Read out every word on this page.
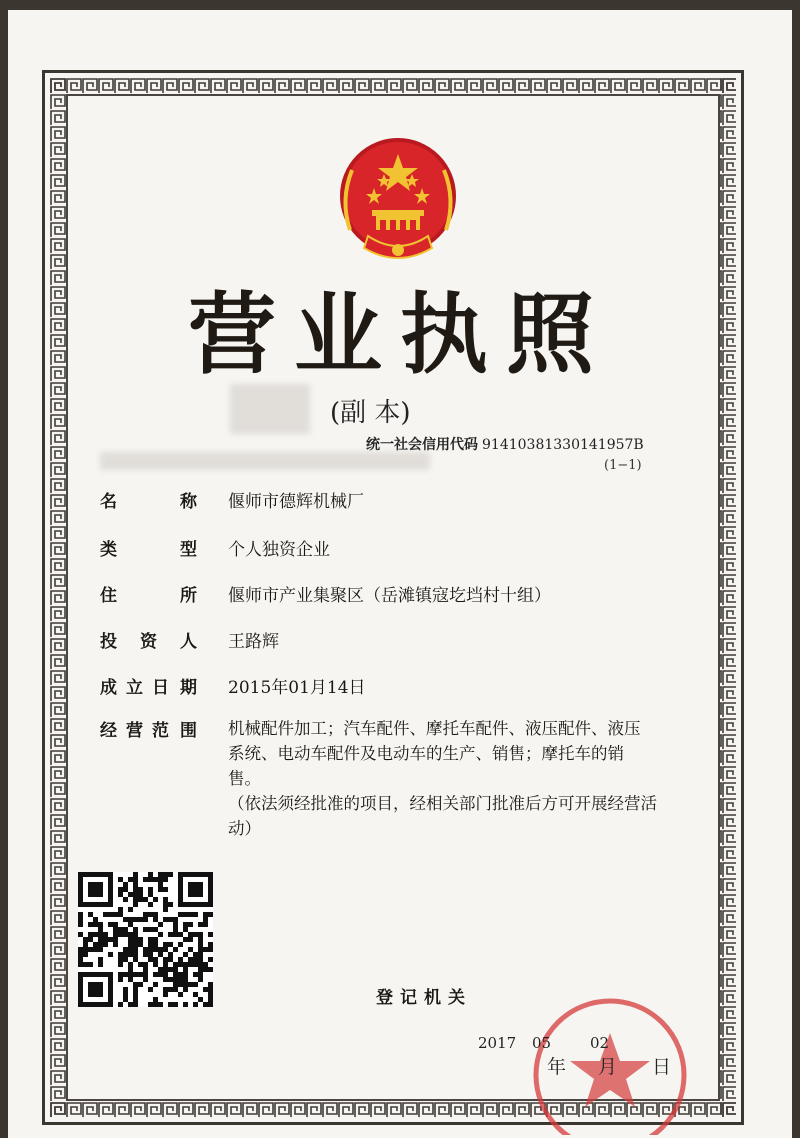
营业执照
(副 本)
统一社会信用代码 91410381330141957B
(1−1)
名	称	偃师市德辉机械厂
类	型	个人独资企业
住	所	偃师市产业集聚区（岳滩镇寇圪垱村十组）
投 资 人	王路辉
成 立 日 期	2015年01月14日
经 营 范 围	机械配件加工；汽车配件、摩托车配件、液压配件、液压系统、电动车配件及电动车的生产、销售；摩托车的销售。
（依法须经批准的项目，经相关部门批准后方可开展经营活动）
登记机关
2017 05	02
年 月 日
